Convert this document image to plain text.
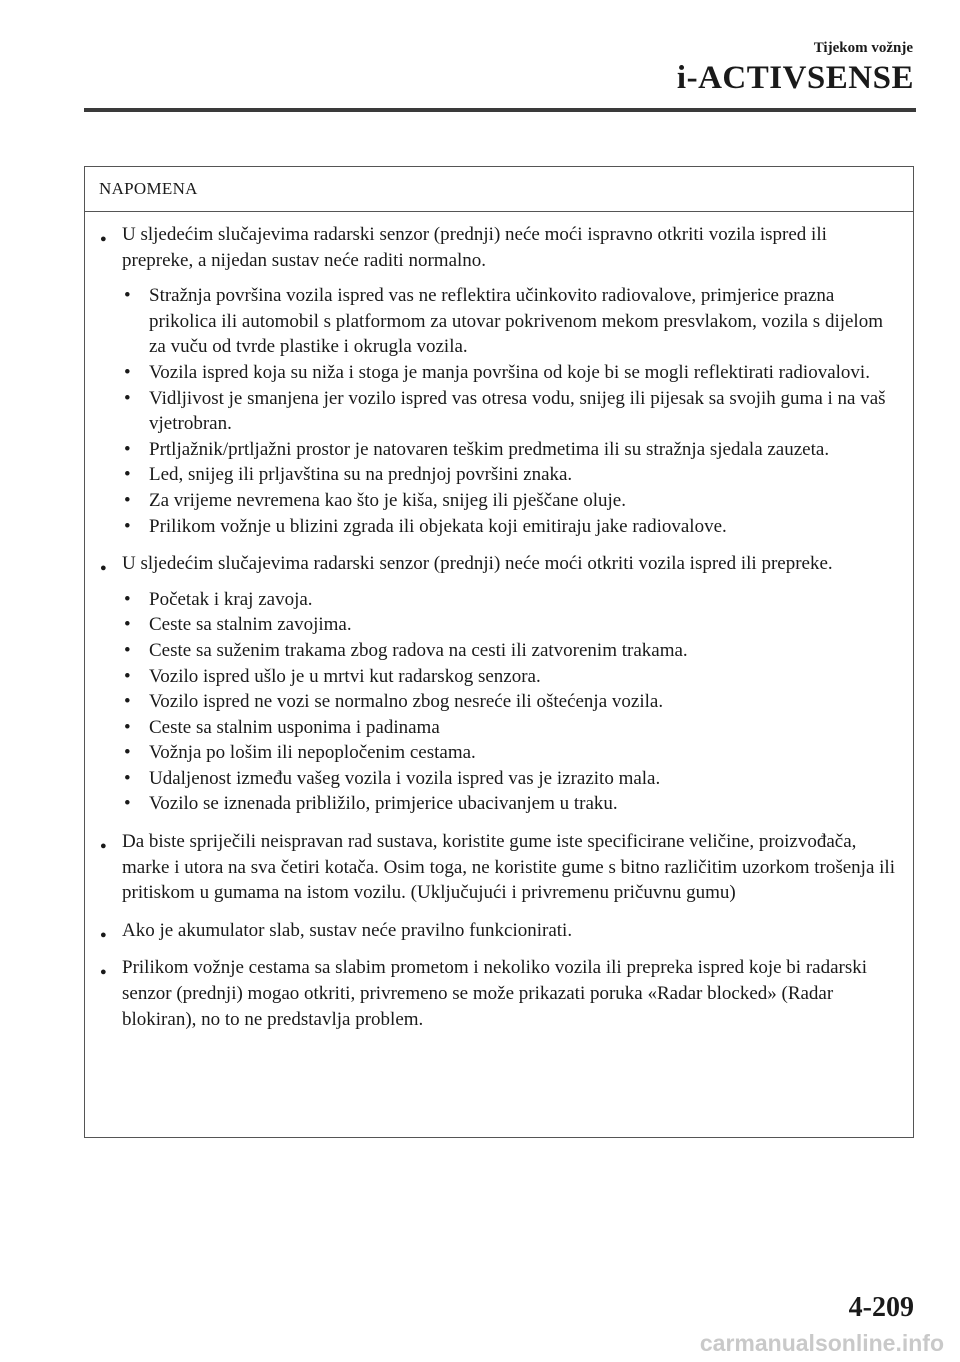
Tijekom vožnje
i-ACTIVSENSE
NAPOMENA
● U sljedećim slučajevima radarski senzor (prednji) neće moći ispravno otkriti vozila ispred ili prepreke, a nijedan sustav neće raditi normalno.
• Stražnja površina vozila ispred vas ne reflektira učinkovito radiovalove, primjerice prazna prikolica ili automobil s platformom za utovar pokrivenom mekom presvlakom, vozila s dijelom za vuču od tvrde plastike i okrugla vozila.
• Vozila ispred koja su niža i stoga je manja površina od koje bi se mogli reflektirati radiovalovi.
• Vidljivost je smanjena jer vozilo ispred vas otresa vodu, snijeg ili pijesak sa svojih guma i na vaš vjetrobran.
• Prtljažnik/prtljažni prostor je natovaren teškim predmetima ili su stražnja sjedala zauzeta.
• Led, snijeg ili prljavština su na prednjoj površini znaka.
• Za vrijeme nevremena kao što je kiša, snijeg ili pješčane oluje.
• Prilikom vožnje u blizini zgrada ili objekata koji emitiraju jake radiovalove.
● U sljedećim slučajevima radarski senzor (prednji) neće moći otkriti vozila ispred ili prepreke.
• Početak i kraj zavoja.
• Ceste sa stalnim zavojima.
• Ceste sa suženim trakama zbog radova na cesti ili zatvorenim trakama.
• Vozilo ispred ušlo je u mrtvi kut radarskog senzora.
• Vozilo ispred ne vozi se normalno zbog nesreće ili oštećenja vozila.
• Ceste sa stalnim usponima i padinama
• Vožnja po lošim ili nepopločenim cestama.
• Udaljenost između vašeg vozila i vozila ispred vas je izrazito mala.
• Vozilo se iznenada približilo, primjerice ubacivanjem u traku.
● Da biste spriječili neispravan rad sustava, koristite gume iste specificirane veličine, proizvođača, marke i utora na sva četiri kotača. Osim toga, ne koristite gume s bitno različitim uzorkom trošenja ili pritiskom u gumama na istom vozilu. (Uključujući i privremenu pričuvnu gumu)
● Ako je akumulator slab, sustav neće pravilno funkcionirati.
● Prilikom vožnje cestama sa slabim prometom i nekoliko vozila ili prepreka ispred koje bi radarski senzor (prednji) mogao otkriti, privremeno se može prikazati poruka «Radar blocked» (Radar blokiran), no to ne predstavlja problem.
4-209
carmanualsonline.info
